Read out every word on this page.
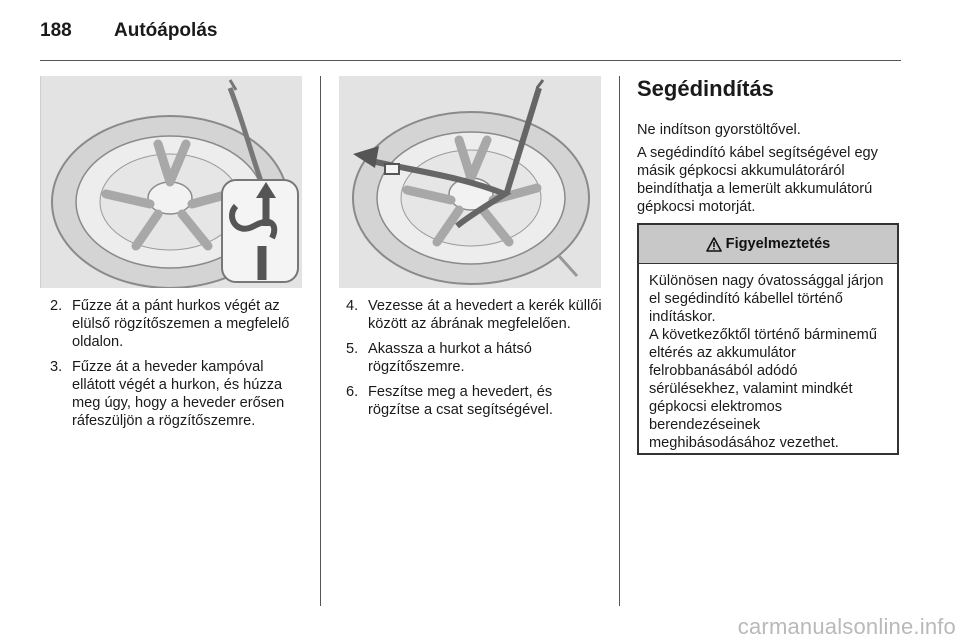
188 Autóápolás
2. Fűzze át a pánt hurkos végét az elülső rögzítőszemen a megfelelő oldalon.
3. Fűzze át a heveder kampóval ellátott végét a hurkon, és húzza meg úgy, hogy a heveder erősen ráfeszüljön a rögzítőszemre.
4. Vezesse át a hevedert a kerék küllői között az ábrának megfelelően.
5. Akassza a hurkot a hátsó rögzítőszemre.
6. Feszítse meg a hevedert, és rögzítse a csat segítségével.
Segédindítás

Ne indítson gyorstöltővel.

A segédindító kábel segítségével egy másik gépkocsi akkumulátoráról beindíthatja a lemerült akkumulátorú gépkocsi motorját.

Figyelmeztetés

Különösen nagy óvatossággal járjon el segédindító kábellel történő indításkor.
A következőktől történő bárminemű eltérés az akkumulátor felrobbanásából adódó sérülésekhez, valamint mindkét gépkocsi elektromos berendezéseinek meghibásodásához vezethet.

carmanualsonline.info
